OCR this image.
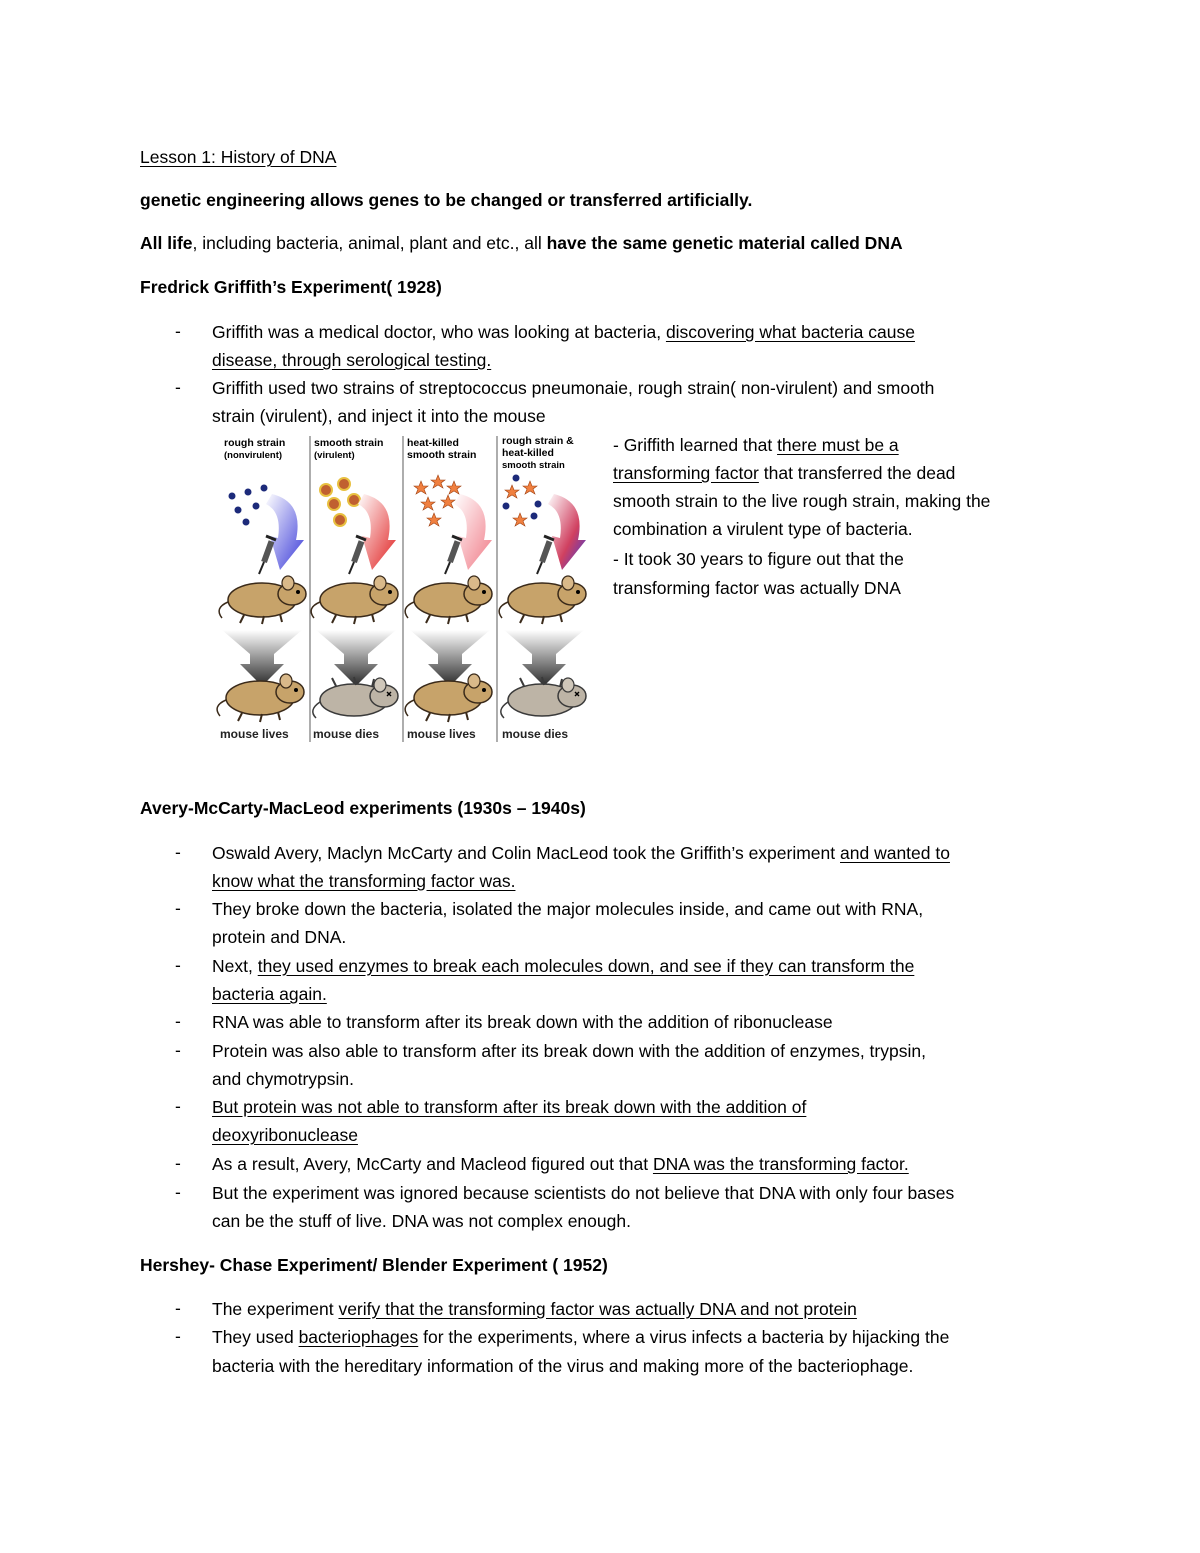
Lesson 1: History of DNA
genetic engineering allows genes to be changed or transferred artificially.
All life, including bacteria, animal, plant and etc., all have the same genetic material called DNA
Fredrick Griffith’s Experiment( 1928)
- Griffith was a medical doctor, who was looking at bacteria, discovering what bacteria cause
disease, through serological testing.
- Griffith used two strains of streptococcus pneumonaie, rough strain( non-virulent) and smooth
strain (virulent), and inject it into the mouse
- Griffith learned that there must be a
transforming factor that transferred the dead
smooth strain to the live rough strain, making the
combination a virulent type of bacteria.
- It took 30 years to figure out that the
transforming factor was actually DNA
rough strain
(nonvirulent)
smooth strain
(virulent)
heat-killed
smooth strain
rough strain &
heat-killed
smooth strain
mouse lives mouse dies mouse lives mouse dies
Avery-McCarty-MacLeod experiments (1930s – 1940s)
- Oswald Avery, Maclyn McCarty and Colin MacLeod took the Griffith’s experiment and wanted to
know what the transforming factor was.
- They broke down the bacteria, isolated the major molecules inside, and came out with RNA,
protein and DNA.
- Next, they used enzymes to break each molecules down, and see if they can transform the
bacteria again.
- RNA was able to transform after its break down with the addition of ribonuclease
- Protein was also able to transform after its break down with the addition of enzymes, trypsin,
and chymotrypsin.
- But protein was not able to transform after its break down with the addition of
deoxyribonuclease
- As a result, Avery, McCarty and Macleod figured out that DNA was the transforming factor.
- But the experiment was ignored because scientists do not believe that DNA with only four bases
can be the stuff of live. DNA was not complex enough.
Hershey- Chase Experiment/ Blender Experiment ( 1952)
- The experiment verify that the transforming factor was actually DNA and not protein
- They used bacteriophages for the experiments, where a virus infects a bacteria by hijacking the
bacteria with the hereditary information of the virus and making more of the bacteriophage.
